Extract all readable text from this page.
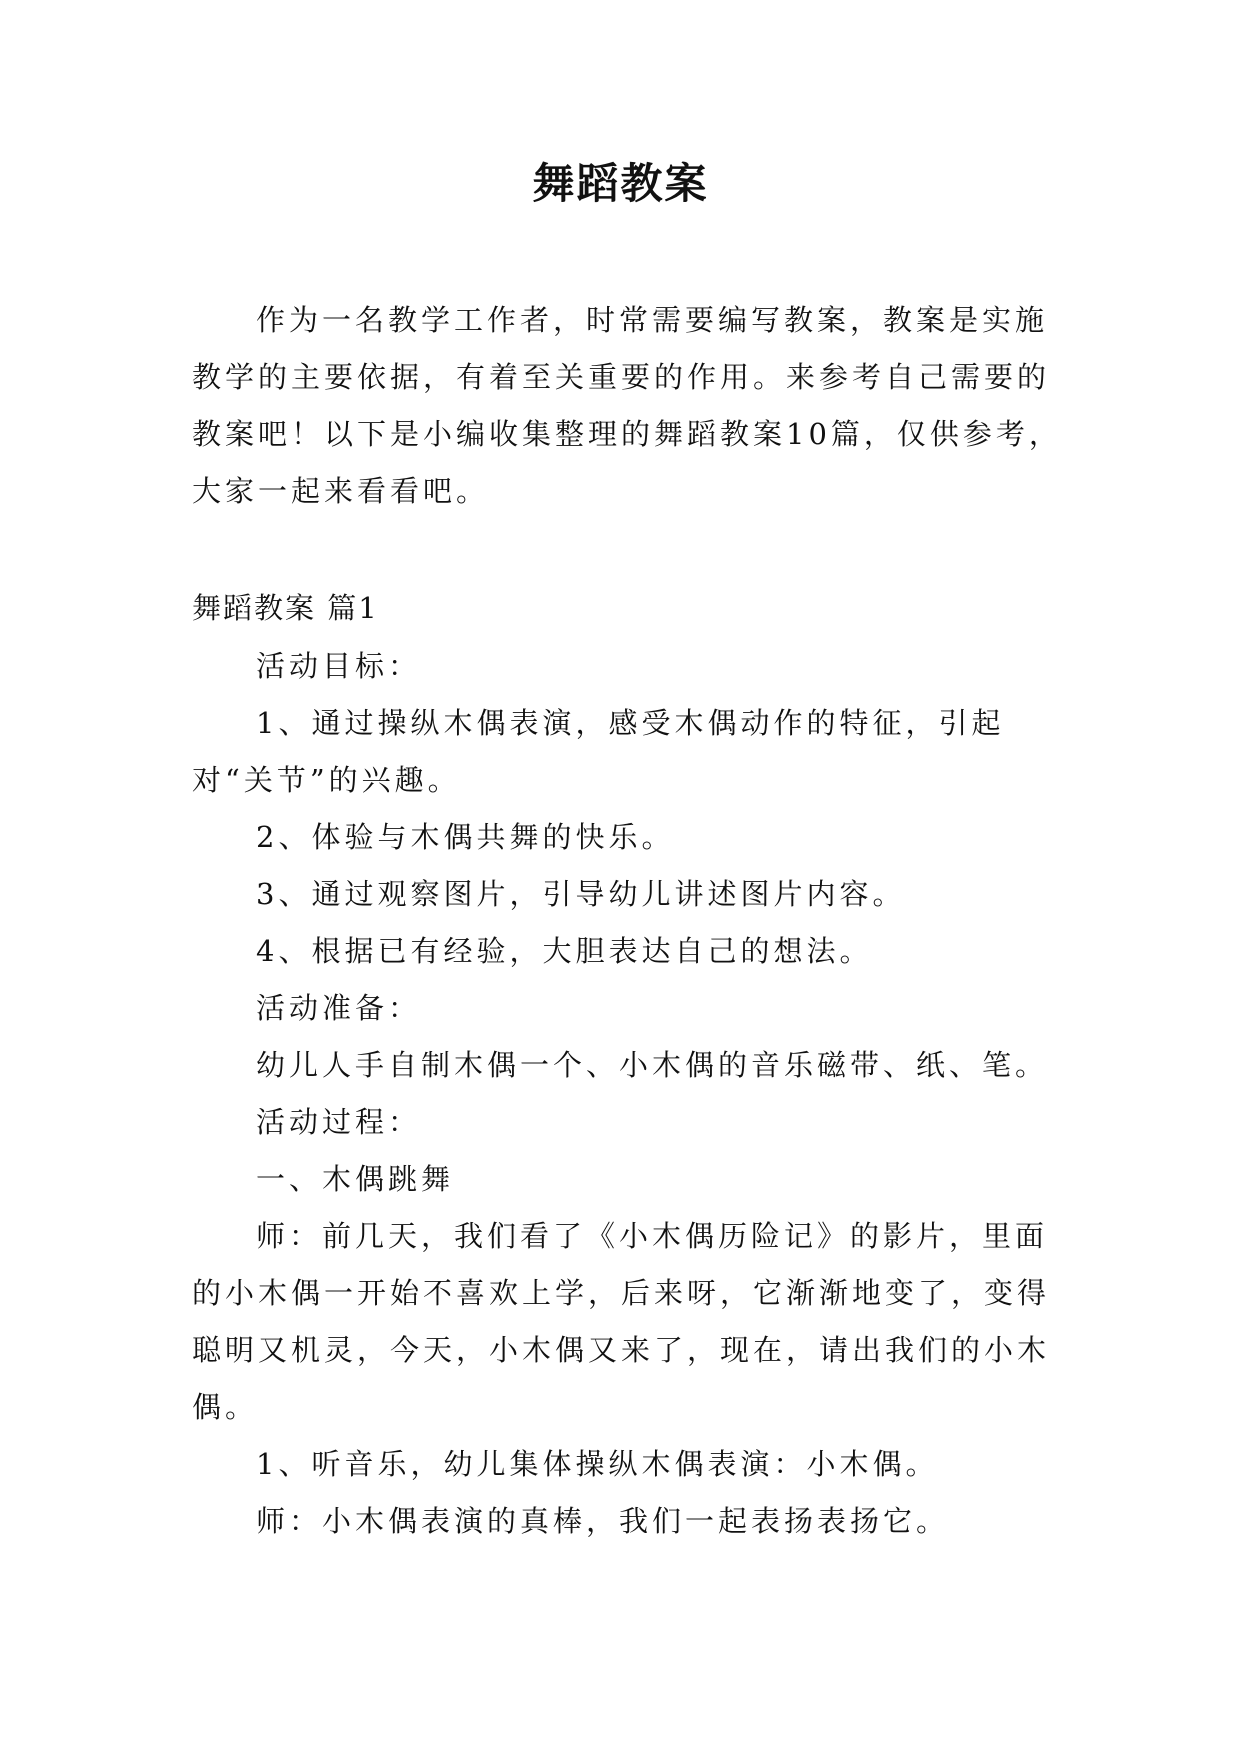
舞蹈教案

作为一名教学工作者，时常需要编写教案，教案是实施教学的主要依据，有着至关重要的作用。来参考自己需要的教案吧！以下是小编收集整理的舞蹈教案10篇，仅供参考，大家一起来看看吧。

舞蹈教案 篇1

活动目标：

1、通过操纵木偶表演，感受木偶动作的特征，引起对“关节”的兴趣。

2、体验与木偶共舞的快乐。

3、通过观察图片，引导幼儿讲述图片内容。

4、根据已有经验，大胆表达自己的想法。

活动准备：

幼儿人手自制木偶一个、小木偶的音乐磁带、纸、笔。

活动过程：

一、木偶跳舞

师：前几天，我们看了《小木偶历险记》的影片，里面的小木偶一开始不喜欢上学，后来呀，它渐渐地变了，变得聪明又机灵，今天，小木偶又来了，现在，请出我们的小木偶。

1、听音乐，幼儿集体操纵木偶表演：小木偶。

师：小木偶表演的真棒，我们一起表扬表扬它。
